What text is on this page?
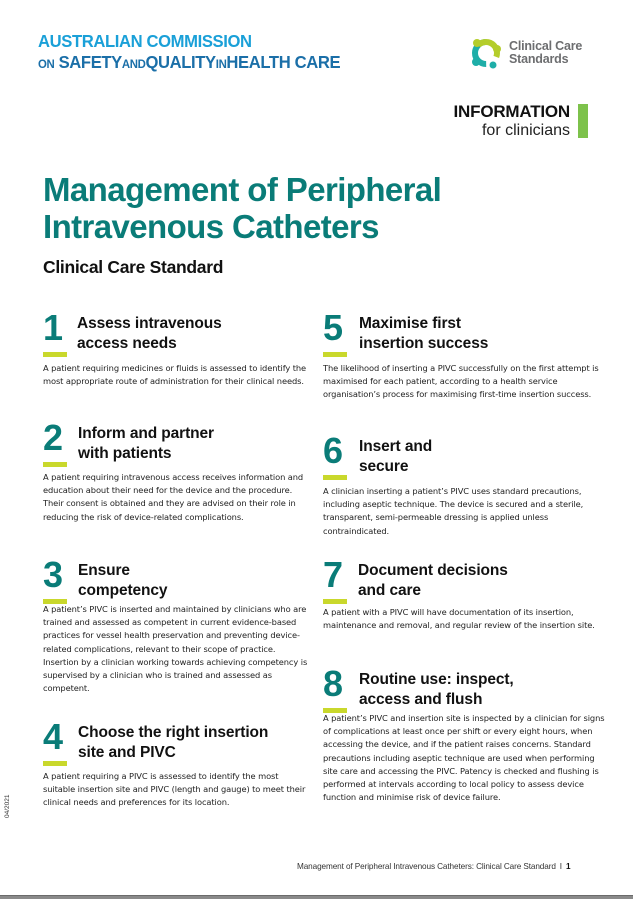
AUSTRALIAN COMMISSION
ON SAFETYANDQUALITYINHEALTH CARE
Clinical Care
Standards
INFORMATION
for clinicians
Management of Peripheral
Intravenous Catheters
Clinical Care Standard
1 Assess intravenous
access needs
A patient requiring medicines or fluids is assessed to identify the most appropriate route of administration for their clinical needs.
2 Inform and partner
with patients
A patient requiring intravenous access receives information and education about their need for the device and the procedure. Their consent is obtained and they are advised on their role in reducing the risk of device-related complications.
3 Ensure
competency
A patient’s PIVC is inserted and maintained by clinicians who are trained and assessed as competent in current evidence-based practices for vessel health preservation and preventing device-related complications, relevant to their scope of practice. Insertion by a clinician working towards achieving competency is supervised by a clinician who is trained and assessed as competent.
4 Choose the right insertion
site and PIVC
A patient requiring a PIVC is assessed to identify the most suitable insertion site and PIVC (length and gauge) to meet their clinical needs and preferences for its location.
5 Maximise first
insertion success
The likelihood of inserting a PIVC successfully on the first attempt is maximised for each patient, according to a health service organisation’s process for maximising first-time insertion success.
6 Insert and
secure
A clinician inserting a patient’s PIVC uses standard precautions, including aseptic technique. The device is secured and a sterile, transparent, semi-permeable dressing is applied unless contraindicated.
7 Document decisions
and care
A patient with a PIVC will have documentation of its insertion, maintenance and removal, and regular review of the insertion site.
8 Routine use: inspect,
access and flush
A patient’s PIVC and insertion site is inspected by a clinician for signs of complications at least once per shift or every eight hours, when accessing the device, and if the patient raises concerns. Standard precautions including aseptic technique are used when performing site care and accessing the PIVC. Patency is checked and flushing is performed at intervals according to local policy to assess device function and minimise risk of device failure.
04/2021
Management of Peripheral Intravenous Catheters: Clinical Care Standard I 1
